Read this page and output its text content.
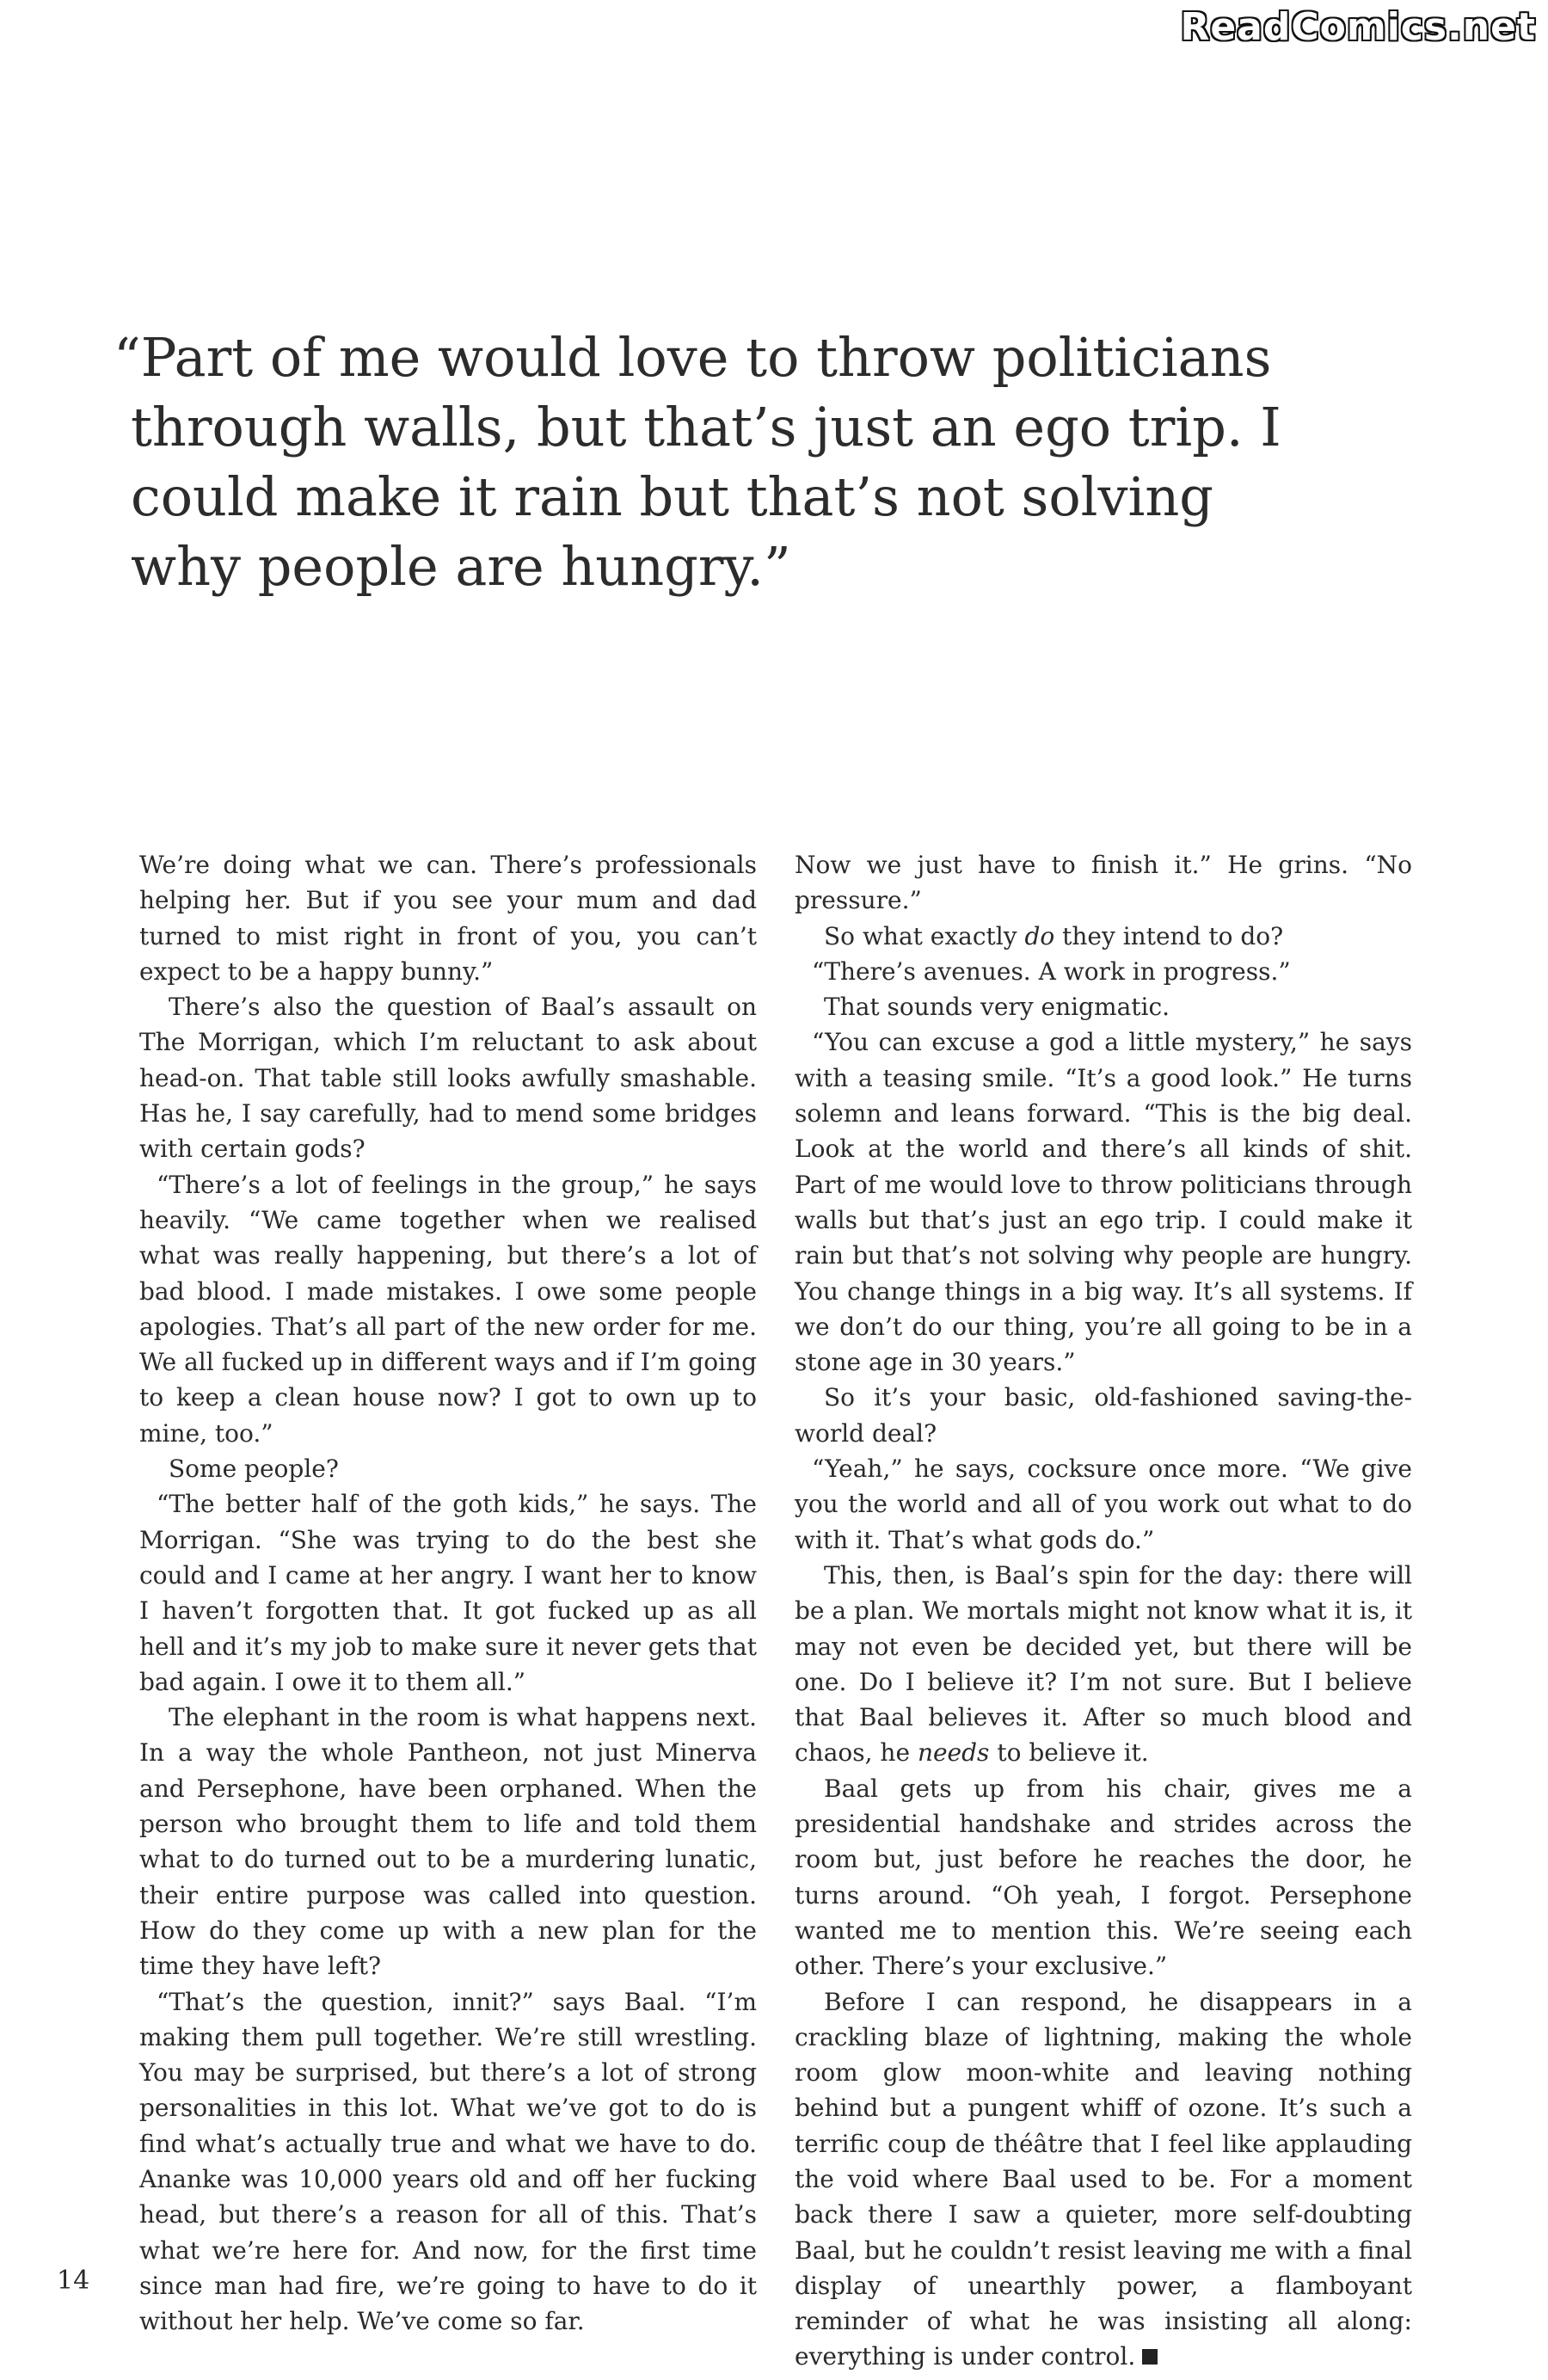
ReadComics.net

“Part of me would love to throw politicians through walls, but that’s just an ego trip. I could make it rain but that’s not solving why people are hungry.”

We’re doing what we can. There’s professionals helping her. But if you see your mum and dad turned to mist right in front of you, you can’t expect to be a happy bunny.”

There’s also the question of Baal’s assault on The Morrigan, which I’m reluctant to ask about head-on. That table still looks awfully smashable. Has he, I say carefully, had to mend some bridges with certain gods?

“There’s a lot of feelings in the group,” he says heavily. “We came together when we realised what was really happening, but there’s a lot of bad blood. I made mistakes. I owe some people apologies. That’s all part of the new order for me. We all fucked up in different ways and if I’m going to keep a clean house now? I got to own up to mine, too.”

Some people?

“The better half of the goth kids,” he says. The Morrigan. “She was trying to do the best she could and I came at her angry. I want her to know I haven’t forgotten that. It got fucked up as all hell and it’s my job to make sure it never gets that bad again. I owe it to them all.”

The elephant in the room is what happens next. In a way the whole Pantheon, not just Minerva and Persephone, have been orphaned. When the person who brought them to life and told them what to do turned out to be a murdering lunatic, their entire purpose was called into question. How do they come up with a new plan for the time they have left?

“That’s the question, innit?” says Baal. “I’m making them pull together. We’re still wrestling. You may be surprised, but there’s a lot of strong personalities in this lot. What we’ve got to do is find what’s actually true and what we have to do. Ananke was 10,000 years old and off her fucking head, but there’s a reason for all of this. That’s what we’re here for. And now, for the first time since man had fire, we’re going to have to do it without her help. We’ve come so far.

Now we just have to finish it.” He grins. “No pressure.”

So what exactly do they intend to do?

“There’s avenues. A work in progress.”

That sounds very enigmatic.

“You can excuse a god a little mystery,” he says with a teasing smile. “It’s a good look.” He turns solemn and leans forward. “This is the big deal. Look at the world and there’s all kinds of shit. Part of me would love to throw politicians through walls but that’s just an ego trip. I could make it rain but that’s not solving why people are hungry. You change things in a big way. It’s all systems. If we don’t do our thing, you’re all going to be in a stone age in 30 years.”

So it’s your basic, old-fashioned saving-the-world deal?

“Yeah,” he says, cocksure once more. “We give you the world and all of you work out what to do with it. That’s what gods do.”

This, then, is Baal’s spin for the day: there will be a plan. We mortals might not know what it is, it may not even be decided yet, but there will be one. Do I believe it? I’m not sure. But I believe that Baal believes it. After so much blood and chaos, he needs to believe it.

Baal gets up from his chair, gives me a presidential handshake and strides across the room but, just before he reaches the door, he turns around. “Oh yeah, I forgot. Persephone wanted me to mention this. We’re seeing each other. There’s your exclusive.”

Before I can respond, he disappears in a crackling blaze of lightning, making the whole room glow moon-white and leaving nothing behind but a pungent whiff of ozone. It’s such a terrific coup de théâtre that I feel like applauding the void where Baal used to be. For a moment back there I saw a quieter, more self-doubting Baal, but he couldn’t resist leaving me with a final display of unearthly power, a flamboyant reminder of what he was insisting all along: everything is under control.

14
